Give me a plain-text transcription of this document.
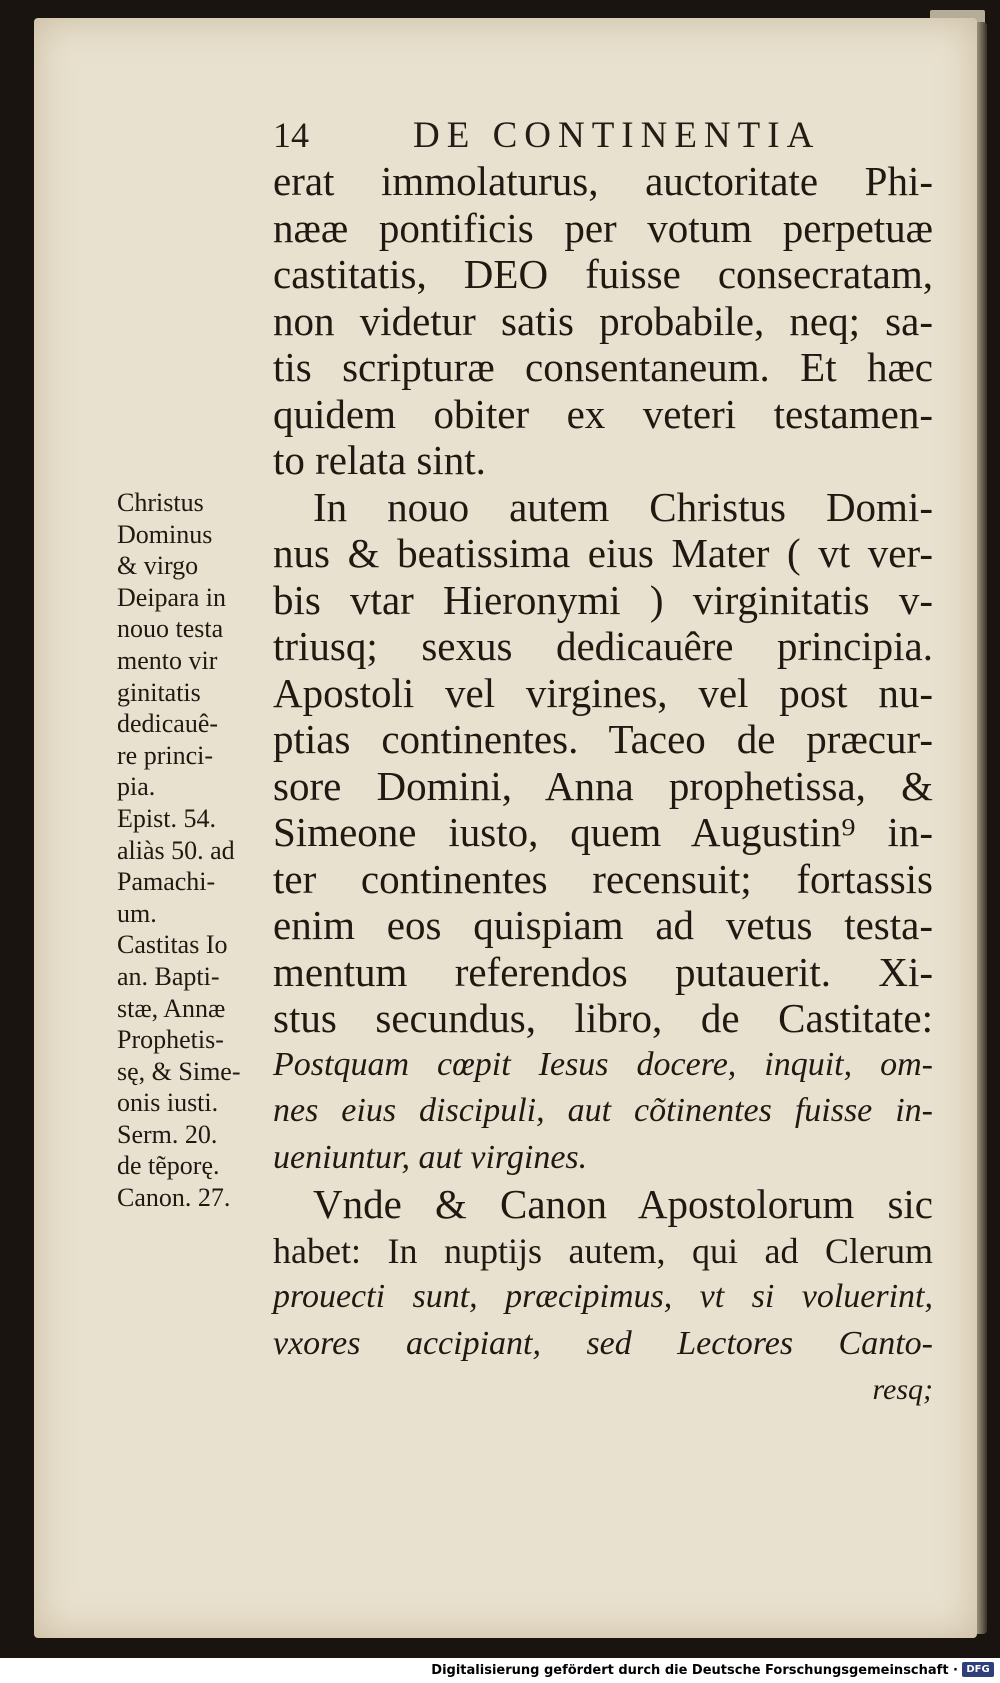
14	DE CONTINENTIA
erat immolaturus, auctoritate Phi-
nææ pontificis per votum perpetuæ
castitatis, DEO fuisse consecratam,
non videtur satis probabile, neq; sa-
tis scripturæ consentaneum. Et hæc
quidem obiter ex veteri testamen-
to relata sint.
In nouo autem Christus Domi-
nus & beatissima eius Mater ( vt ver-
bis vtar Hieronymi ) virginitatis v-
triusq; sexus dedicauêre principia.
Apostoli vel virgines, vel post nu-
ptias continentes. Taceo de præcur-
sore Domini, Anna prophetissa, &
Simeone iusto, quem Augustin⁹ in-
ter continentes recensuit; fortassis
enim eos quispiam ad vetus testa-
mentum referendos putauerit. Xi-
stus secundus, libro, de Castitate:
Postquam cœpit Iesus docere, inquit, om-
nes eius discipuli, aut cõtinentes fuisse in-
ueniuntur, aut virgines.
Vnde & Canon Apostolorum sic
habet: In nuptijs autem, qui ad Clerum
prouecti sunt, præcipimus, vt si voluerint,
vxores accipiant, sed Lectores Canto-
resq;
Christus
Dominus
& virgo
Deipara in
nouo testa
mento vir
ginitatis
dedicauê-
re princi-
pia.
Epist. 54.
aliàs 50. ad
Pamachi-
um.
Castitas Io
an. Bapti-
stæ, Annæ
Prophetis-
sę, & Sime-
onis iusti.
Serm. 20.
de tẽporę.
Canon. 27.
Digitalisierung gefördert durch die Deutsche Forschungsgemeinschaft · DFG
